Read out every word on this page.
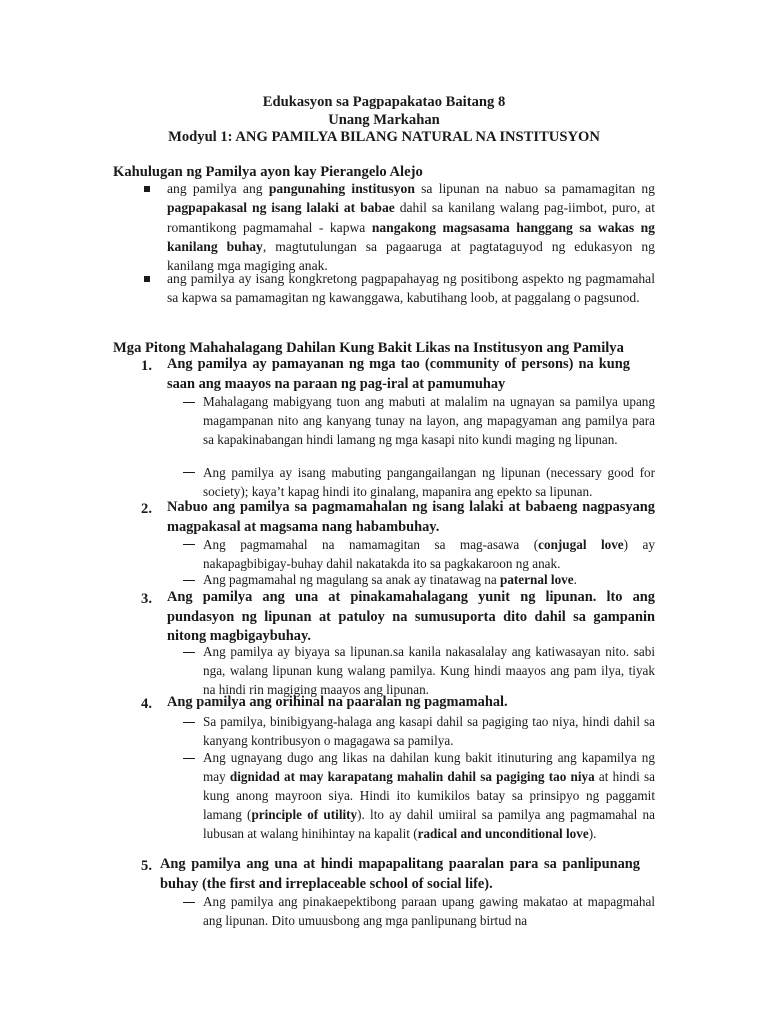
Edukasyon sa Pagpapakatao Baitang 8
Unang Markahan
Modyul 1: ANG PAMILYA BILANG NATURAL NA INSTITUSYON
Kahulugan ng Pamilya ayon kay Pierangelo Alejo
ang pamilya ang pangunahing institusyon sa lipunan na nabuo sa pamamagitan ng pagpapakasal ng isang lalaki at babae dahil sa kanilang walang pag-iimbot, puro, at romantikong pagmamahal - kapwa nangakong magsasama hanggang sa wakas ng kanilang buhay, magtutulungan sa pagaaruga at pagtataguyod ng edukasyon ng kanilang mga magiging anak.
ang pamilya ay isang kongkretong pagpapahayag ng positibong aspekto ng pagmamahal sa kapwa sa pamamagitan ng kawanggawa, kabutihang loob, at paggalang o pagsunod.
Mga Pitong Mahahalagang Dahilan Kung Bakit Likas na Institusyon ang Pamilya
1. Ang pamilya ay pamayanan ng mga tao (community of persons) na kung saan ang maayos na paraan ng pag-iral at pamumuhay
Mahalagang mabigyang tuon ang mabuti at malalim na ugnayan sa pamilya upang magampanan nito ang kanyang tunay na layon, ang mapagyaman ang pamilya para sa kapakinabangan hindi lamang ng mga kasapi nito kundi maging ng lipunan.
Ang pamilya ay isang mabuting pangangailangan ng lipunan (necessary good for society); kaya’t kapag hindi ito ginalang, mapanira ang epekto sa lipunan.
2. Nabuo ang pamilya sa pagmamahalan ng isang lalaki at babaeng nagpasyang magpakasal at magsama nang habambuhay.
Ang pagmamahal na namamagitan sa mag-asawa (conjugal love) ay nakapagbibigay-buhay dahil nakatakda ito sa pagkakaroon ng anak.
Ang pagmamahal ng magulang sa anak ay tinatawag na paternal love.
3. Ang pamilya ang una at pinakamahalagang yunit ng lipunan. lto ang pundasyon ng lipunan at patuloy na sumusuporta dito dahil sa gampanin nitong magbigaybuhay.
Ang pamilya ay biyaya sa lipunan.sa kanila nakasalalay ang katiwasayan nito. sabi nga, walang lipunan kung walang pamilya. Kung hindi maayos ang pam ilya, tiyak na hindi rin magiging maayos ang lipunan.
4. Ang pamilya ang orihinal na paaralan ng pagmamahal.
Sa pamilya, binibigyang-halaga ang kasapi dahil sa pagiging tao niya, hindi dahil sa kanyang kontribusyon o magagawa sa pamilya.
Ang ugnayang dugo ang likas na dahilan kung bakit itinuturing ang kapamilya ng may dignidad at may karapatang mahalin dahil sa pagiging tao niya at hindi sa kung anong mayroon siya. Hindi ito kumikilos batay sa prinsipyo ng paggamit lamang (principle of utility). lto ay dahil umiiral sa pamilya ang pagmamahal na lubusan at walang hinihintay na kapalit (radical and unconditional love).
5. Ang pamilya ang una at hindi mapapalitang paaralan para sa panlipunang buhay (the first and irreplaceable school of social life).
Ang pamilya ang pinakaepektibong paraan upang gawing makatao at mapagmahal ang lipunan. Dito umuusbong ang mga panlipunang birtud na
